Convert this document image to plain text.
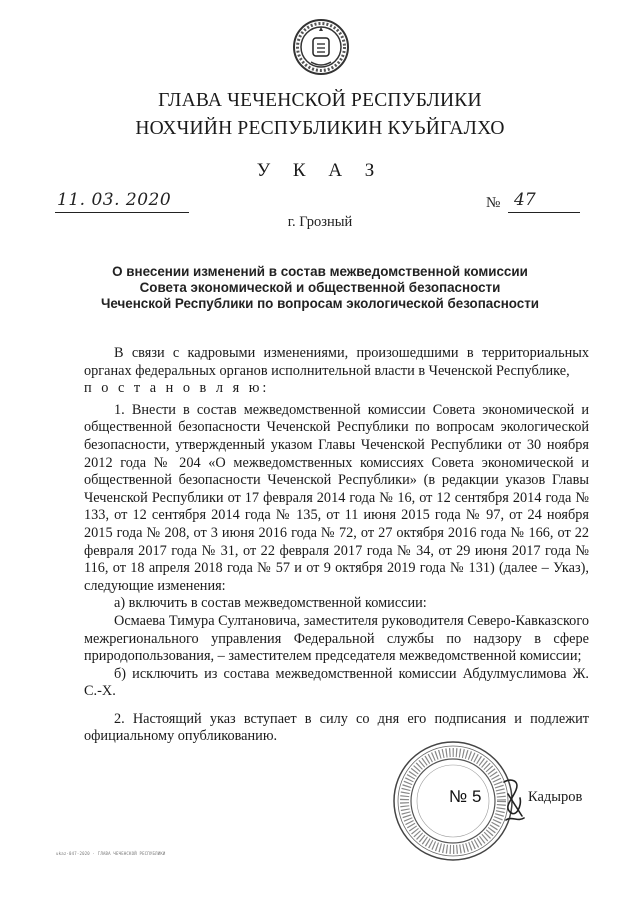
ГЛАВА ЧЕЧЕНСКОЙ РЕСПУБЛИКИ
НОХЧИЙН РЕСПУБЛИКИН КУЬЙГАЛХО
У К А З
11. 03. 2020	№ 47
г. Грозный
О внесении изменений в состав межведомственной комиссии
Совета экономической и общественной безопасности
Чеченской Республики по вопросам экологической безопасности

В связи с кадровыми изменениями, произошедшими в территориальных органах федеральных органов исполнительной власти в Чеченской Республике,

п о с т а н о в л я ю:

1. Внести в состав межведомственной комиссии Совета экономической и общественной безопасности Чеченской Республики по вопросам экологической безопасности, утвержденный указом Главы Чеченской Республики от 30 ноября 2012 года № 204 «О межведомственных комиссиях Совета экономической и общественной безопасности Чеченской Республики» (в редакции указов Главы Чеченской Республики от 17 февраля 2014 года № 16, от 12 сентября 2014 года № 133, от 12 сентября 2014 года № 135, от 11 июня 2015 года № 97, от 24 ноября 2015 года № 208, от 3 июня 2016 года № 72, от 27 октября 2016 года № 166, от 22 февраля 2017 года № 31, от 22 февраля 2017 года № 34, от 29 июня 2017 года № 116, от 18 апреля 2018 года № 57 и от 9 октября 2019 года № 131) (далее – Указ), следующие изменения:

а) включить в состав межведомственной комиссии:

Осмаева Тимура Султановича, заместителя руководителя Северо-Кавказского межрегионального управления Федеральной службы по надзору в сфере природопользования, – заместителем председателя межведомственной комиссии;

б) исключить из состава межведомственной комиссии Абдулмуслимова Ж. С.-Х.

2. Настоящий указ вступает в силу со дня его подписания и подлежит официальному опубликованию.

№ 5	Кадыров
ukaz-047-2020 · ГЛАВА ЧЕЧЕНСКОЙ РЕСПУБЛИКИ
